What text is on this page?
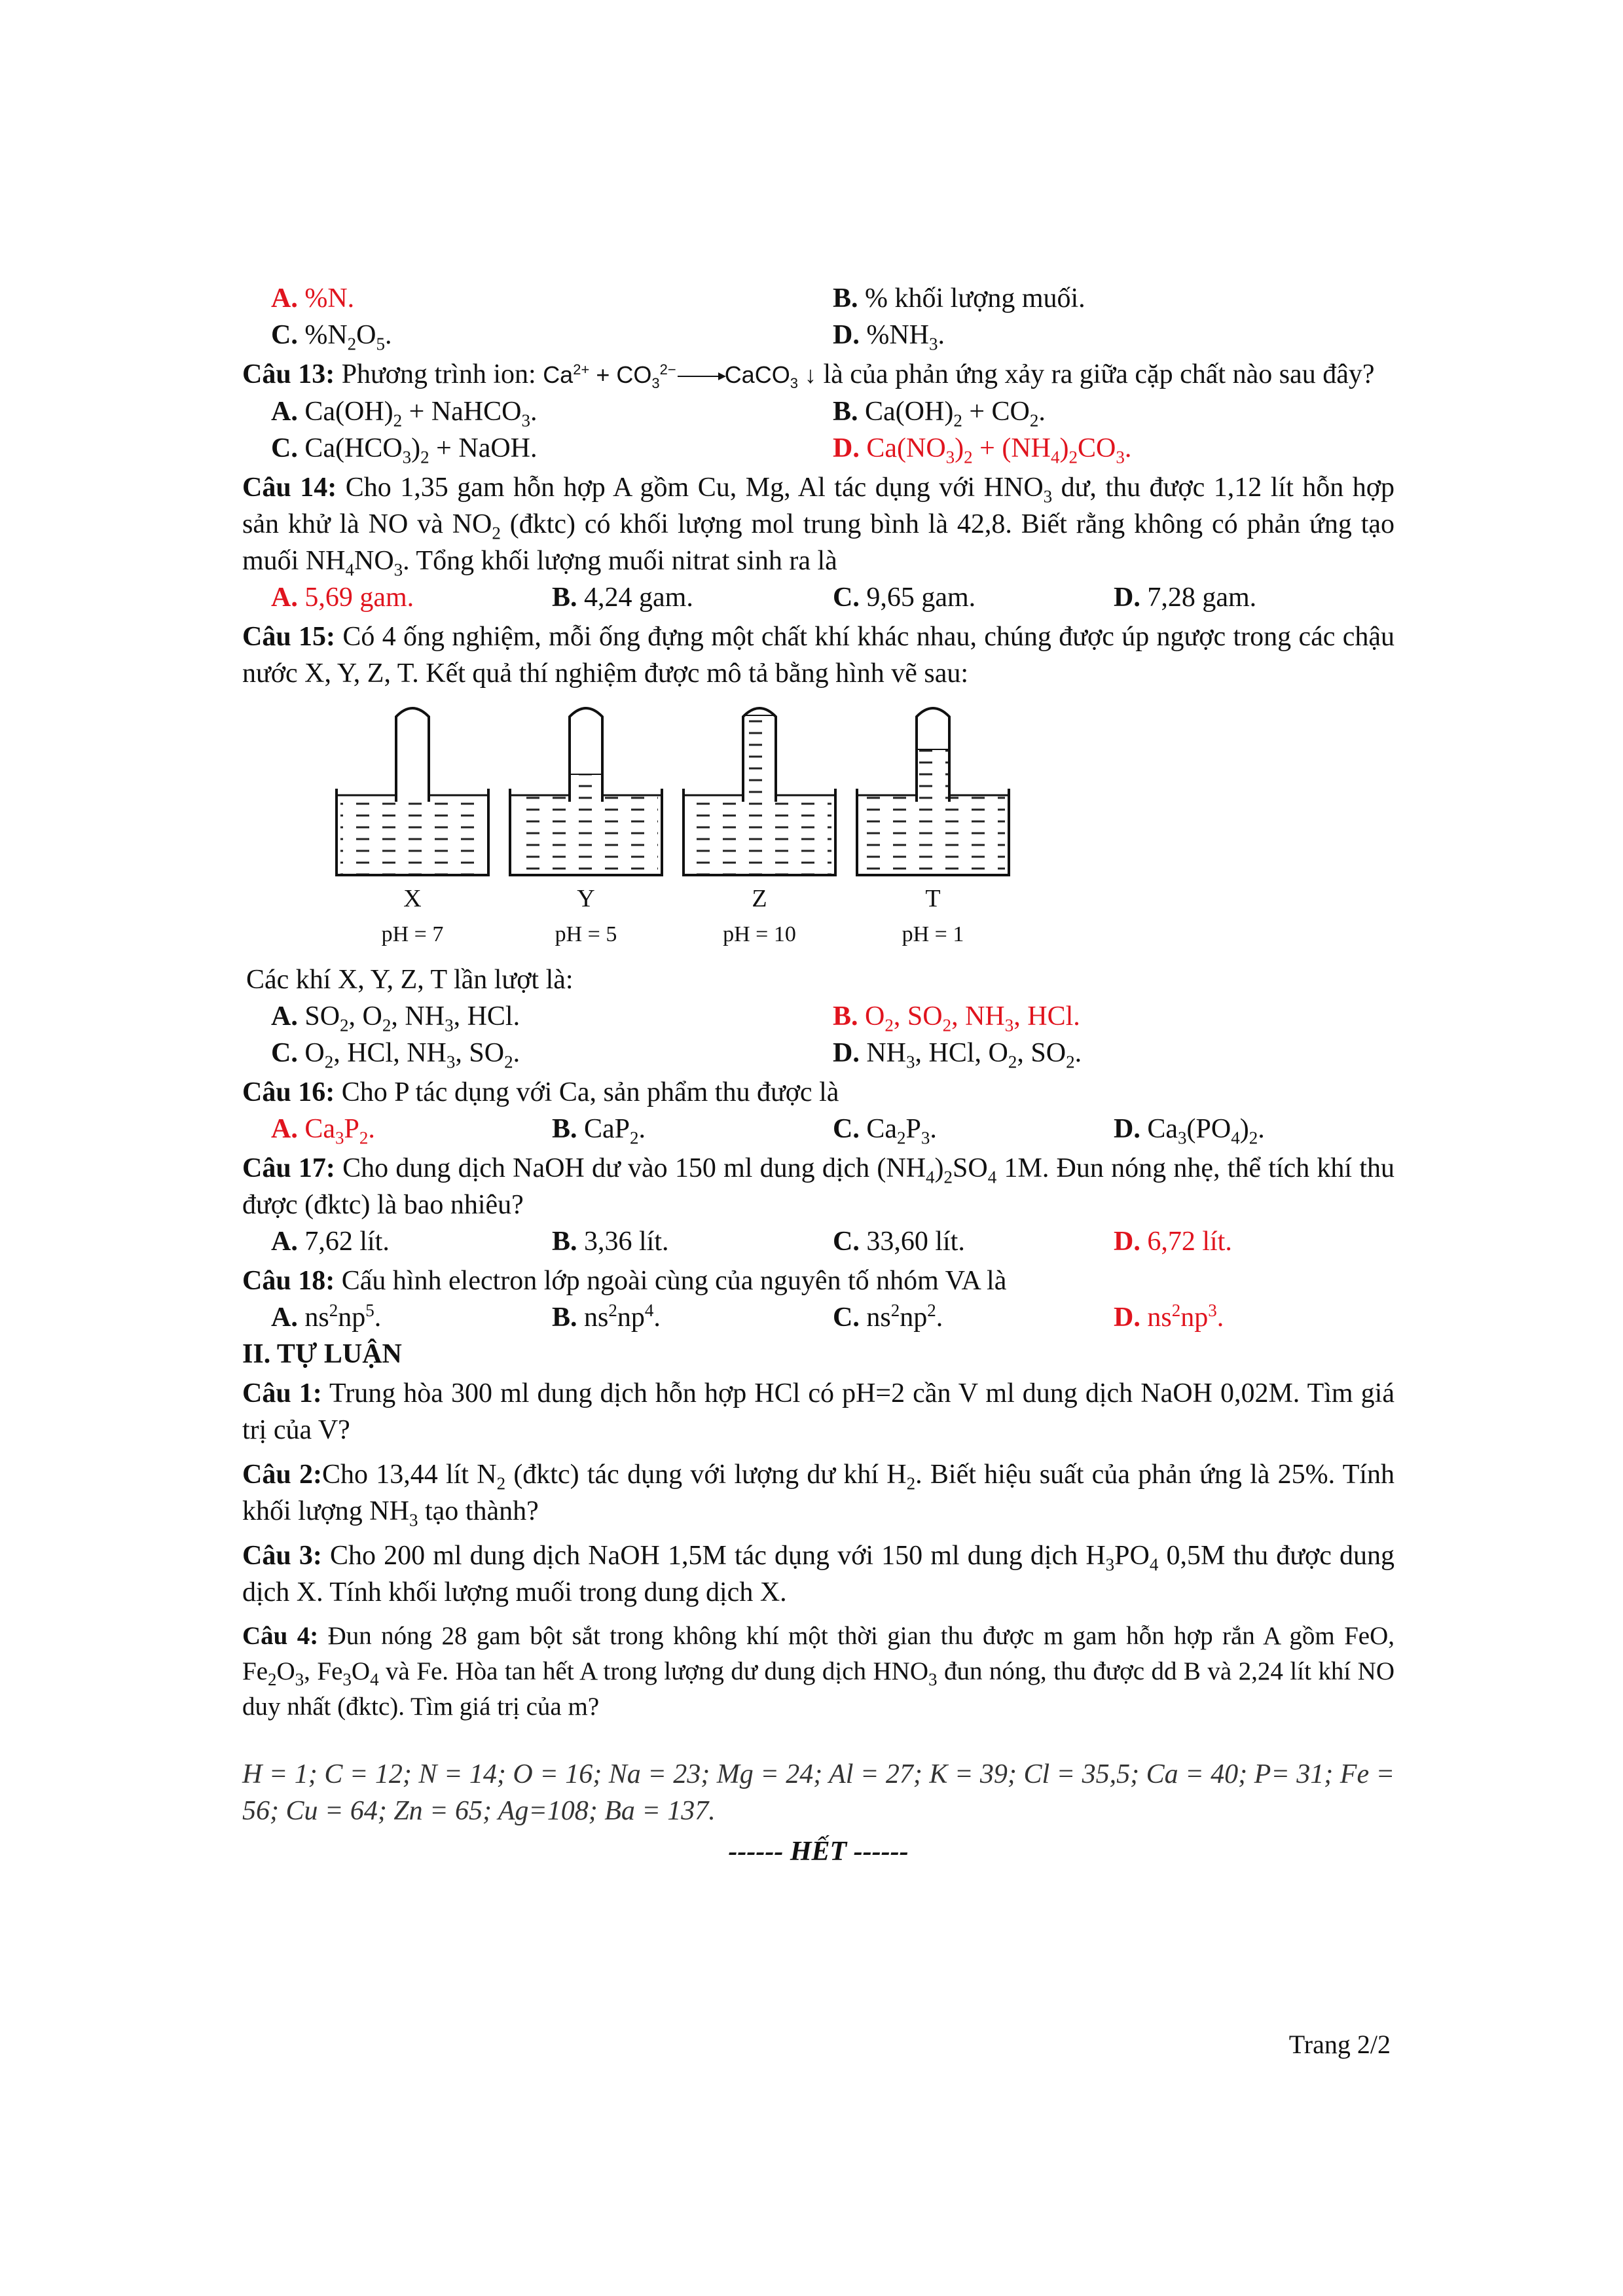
A. %N.	B. % khối lượng muối.
C. $\%N_2O_5$.	D. $\%NH_3$.
Câu 13: Phương trình ion: $Ca^{2+} + CO_3^{2-}$ → CaCO$_3$ ↓ là của phản ứng xảy ra giữa cặp chất nào sau đây?
A. $Ca(OH)_2$ + NaHCO$_3$.	B. $Ca(OH)_2 + CO_2$.
C. $Ca(HCO_3)_2$ + NaOH.	D. $Ca(NO_3)_2 + (NH_4)_2CO_3$.
Câu 14: Cho 1,35 gam hỗn hợp A gồm Cu, Mg, Al tác dụng với $HNO_3$ dư, thu được 1,12 lít hỗn hợp sản khử là NO và $NO_2$ (đktc) có khối lượng mol trung bình là 42,8. Biết rằng không có phản ứng tạo muối $NH_4NO_3$. Tổng khối lượng muối nitrat sinh ra là
A. 5,69 gam.	B. 4,24 gam.	C. 9,65 gam.	D. 7,28 gam.
Câu 15: Có 4 ống nghiệm, mỗi ống đựng một chất khí khác nhau, chúng được úp ngược trong các chậu nước X, Y, Z, T. Kết quả thí nghiệm được mô tả bằng hình vẽ sau:
X	Y	Z	T
pH = 7	pH = 5	pH = 10	pH = 1
Các khí X, Y, Z, T lần lượt là:
A. $SO_2$, $O_2$, $NH_3$, HCl.	B. $O_2$, $SO_2$, $NH_3$, HCl.
C. $O_2$, HCl, $NH_3$, $SO_2$.	D. $NH_3$, HCl, $O_2$, $SO_2$.
Câu 16: Cho P tác dụng với Ca, sản phẩm thu được là
A. $Ca_3P_2$.	B. CaP$_2$.	C. $Ca_2P_3$.	D. $Ca_3(PO_4)_2$.
Câu 17: Cho dung dịch NaOH dư vào 150 ml dung dịch $(NH_4)_2SO_4$ 1M. Đun nóng nhẹ, thể tích khí thu được (đktc) là bao nhiêu?
A. 7,62 lít.	B. 3,36 lít.	C. 33,60 lít.	D. 6,72 lít.
Câu 18: Cấu hình electron lớp ngoài cùng của nguyên tố nhóm VA là
A. $ns^2np^5$.	B. $ns^2np^4$.	C. $ns^2np^2$.	D. $ns^2np^3$.
II. TỰ LUẬN
Câu 1: Trung hòa 300 ml dung dịch hỗn hợp HCl có pH=2 cần V ml dung dịch NaOH 0,02M. Tìm giá trị của V?
Câu 2:Cho 13,44 lít $N_2$ (đktc) tác dụng với lượng dư khí $H_2$. Biết hiệu suất của phản ứng là 25%. Tính khối lượng $NH_3$ tạo thành?
Câu 3: Cho 200 ml dung dịch NaOH 1,5M tác dụng với 150 ml dung dịch $H_3PO_4$ 0,5M thu được dung dịch X. Tính khối lượng muối trong dung dịch X.
Câu 4: Đun nóng 28 gam bột sắt trong không khí một thời gian thu được m gam hỗn hợp rắn A gồm FeO, $Fe_2O_3$, $Fe_3O_4$ và Fe. Hòa tan hết A trong lượng dư dung dịch $HNO_3$ đun nóng, thu được dd B và 2,24 lít khí NO duy nhất (đktc). Tìm giá trị của m?
H = 1; C = 12; N = 14; O = 16; Na = 23; Mg = 24; Al = 27; K = 39; Cl = 35,5; Ca = 40; P= 31; Fe = 56; Cu = 64; Zn = 65; Ag=108; Ba = 137.
------ HẾT ------
Trang 2/2
